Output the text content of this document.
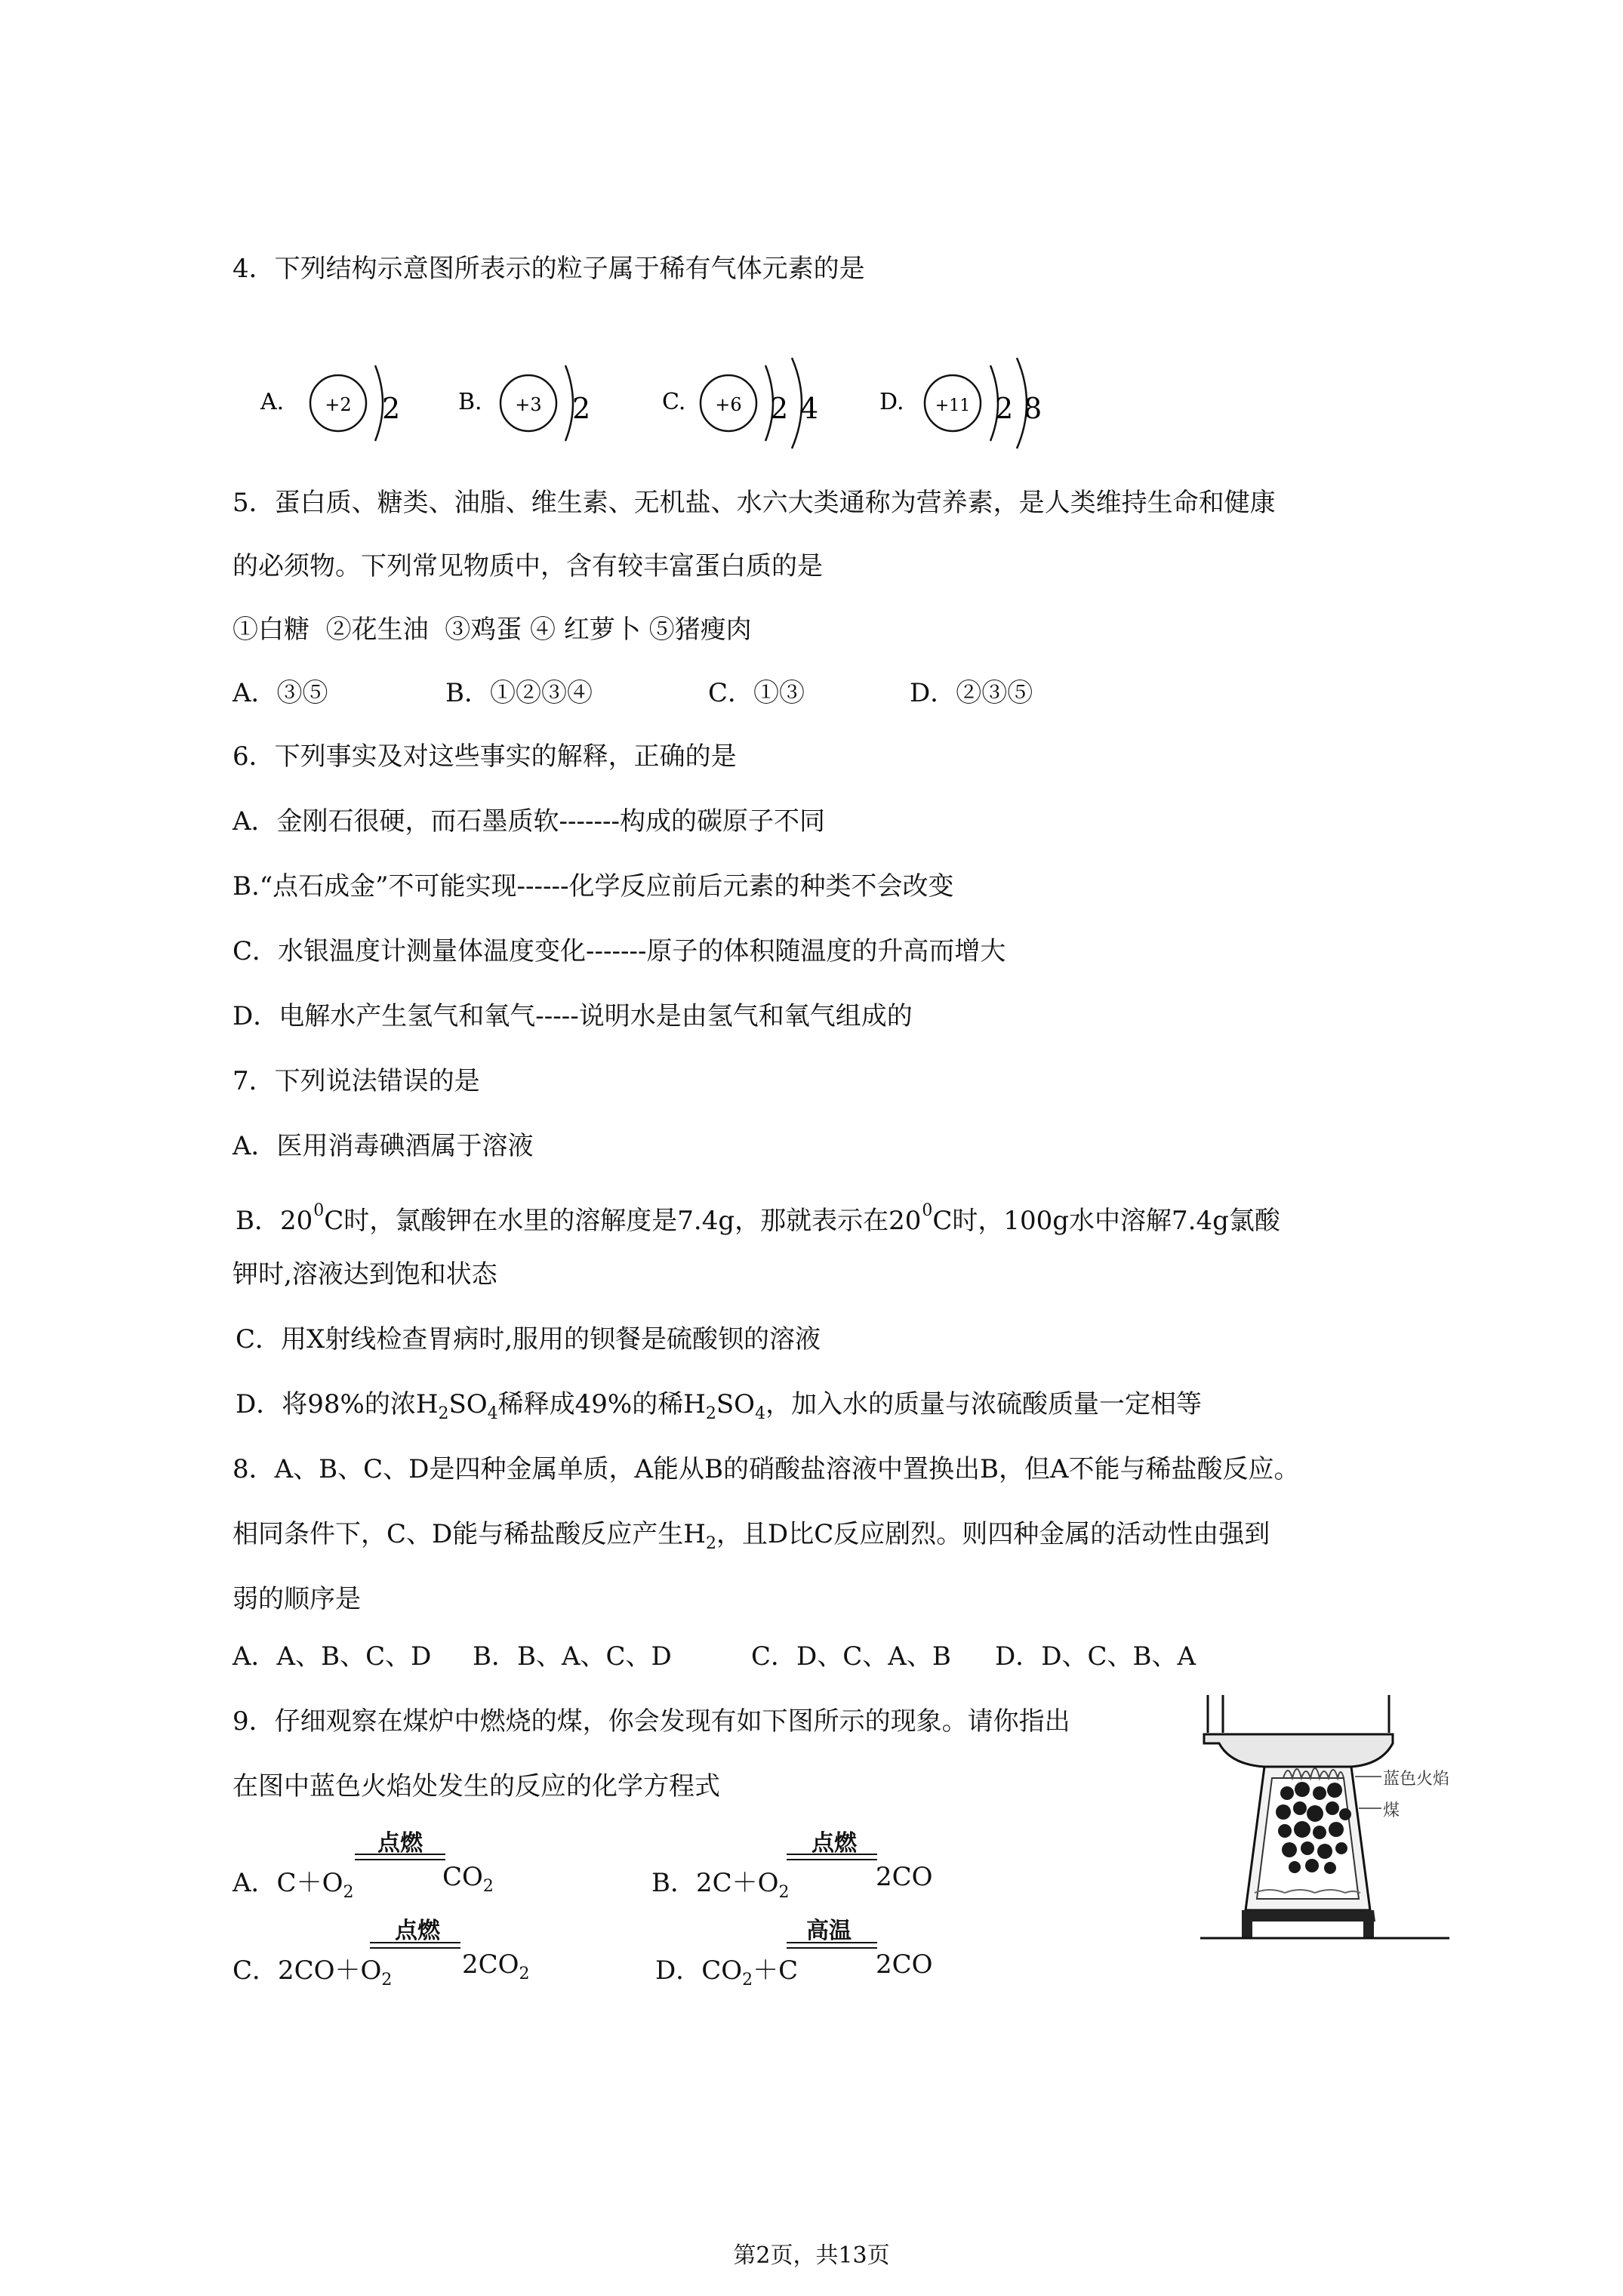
4．下列结构示意图所表示的粒子属于稀有气体元素的是
A. +2 2	B. +3 2	C. +6 2 4	D. +11 2 8
5．蛋白质、糖类、油脂、维生素、无机盐、水六大类通称为营养素，是人类维持生命和健康
的必须物。下列常见物质中，含有较丰富蛋白质的是
①白糖  ②花生油  ③鸡蛋 ④ 红萝卜 ⑤猪瘦肉
A．③⑤	B．①②③④	C．①③	D．②③⑤
6．下列事实及对这些事实的解释，正确的是
A．金刚石很硬，而石墨质软-------构成的碳原子不同
B.“点石成金”不可能实现------化学反应前后元素的种类不会改变
C．水银温度计测量体温度变化-------原子的体积随温度的升高而增大
D．电解水产生氢气和氧气-----说明水是由氢气和氧气组成的
7．下列说法错误的是
A．医用消毒碘酒属于溶液
B．$20^0C$时，氯酸钾在水里的溶解度是7.4g，那就表示在$20^0C$时，100g水中溶解7.4g氯酸
钾时,溶液达到饱和状态
C．用X射线检查胃病时,服用的钡餐是硫酸钡的溶液
D．将98%的浓$H_2SO_4$稀释成49%的稀$H_2SO_4$，加入水的质量与浓硫酸质量一定相等
8．A、B、C、D是四种金属单质，A能从B的硝酸盐溶液中置换出B，但A不能与稀盐酸反应。
相同条件下，C、D能与稀盐酸反应产生$H_2$，且D比C反应剧烈。则四种金属的活动性由强到
弱的顺序是
A．A、B、C、D B．B、A、C、D	C．D、C、A、B D．D、C、B、A
9．仔细观察在煤炉中燃烧的煤，你会发现有如下图所示的现象。请你指出
在图中蓝色火焰处发生的反应的化学方程式
A．$C+O_2$
点燃
$CO_2$	B．$2C+O_2$
点燃
2CO
C．$2CO+O_2$
点燃
$2CO_2$	D．$CO_2+C$
高温
2CO
蓝色火焰
煤
第2页，共13页
